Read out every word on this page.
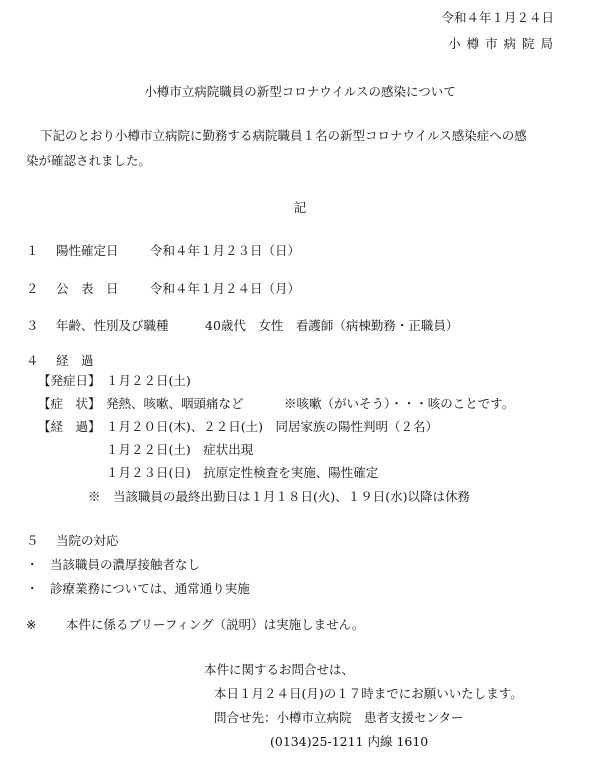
令和４年１月２４日
小 樽 市 病 院 局
小樽市立病院職員の新型コロナウイルスの感染について
下記のとおり小樽市立病院に勤務する病院職員１名の新型コロナウイルス感染症への感
染が確認されました。
記
１ 陽性確定日	令和４年１月２３日（日）
２ 公　表　日	令和４年１月２４日（月）
３ 年齢、性別及び職種	40歳代　女性　看護師（病棟勤務・正職員）
４ 経　過
【発症日】 １月２２日(土)
【症　状】 発熱、咳嗽、咽頭痛など	※咳嗽（がいそう）・・・咳のことです。
【経　過】 １月２０日(木)、２２日(土)　同居家族の陽性判明（２名）
１月２２日(土)　症状出現
１月２３日(日)　抗原定性検査を実施、陽性確定
※　当該職員の最終出勤日は１月１８日(火)、１９日(水)以降は休務
５ 当院の対応
・ 当該職員の濃厚接触者なし
・ 診療業務については、通常通り実施
※ 本件に係るブリーフィング（説明）は実施しません。
本件に関するお問合せは、
本日１月２４日(月)の１７時までにお願いいたします。
問合せ先：小樽市立病院　患者支援センター
(0134)25-1211 内線 1610
